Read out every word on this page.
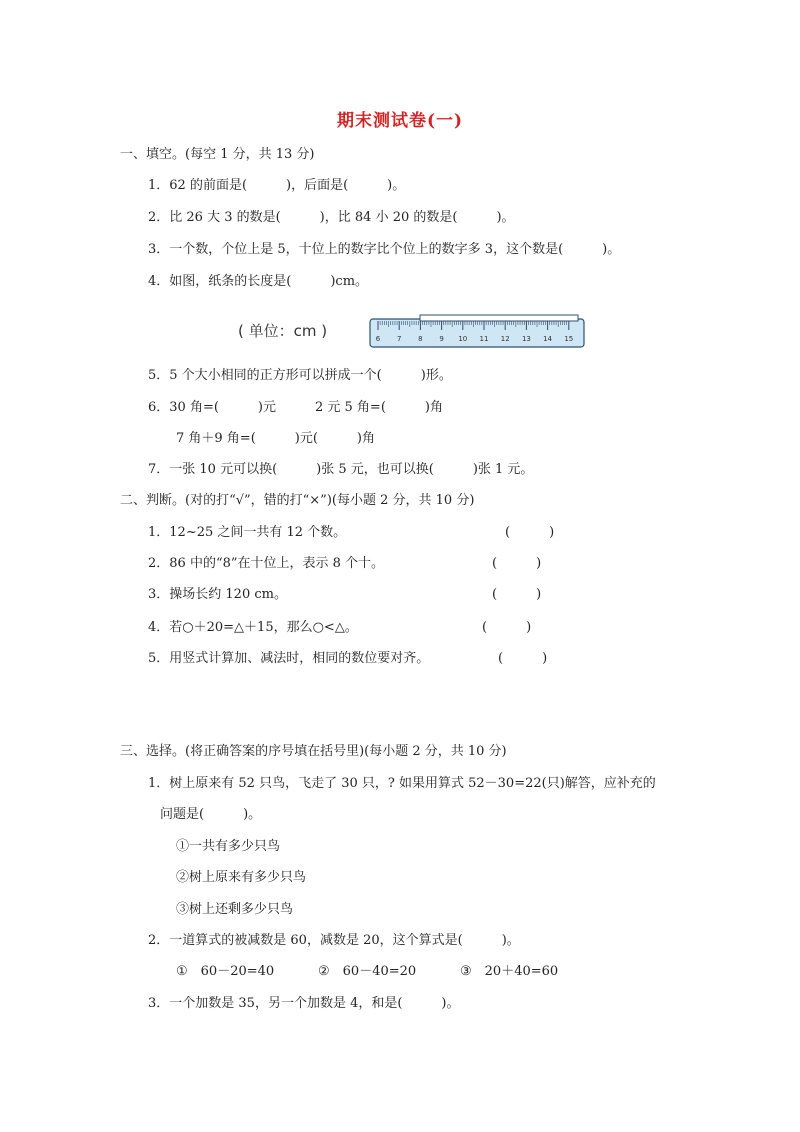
期末测试卷(一)
一、填空。(每空 1 分，共 13 分)
1．62 的前面是(　　　)，后面是(　　　)。
2．比 26 大 3 的数是(　　　)，比 84 小 20 的数是(　　　)。
3．一个数，个位上是 5，十位上的数字比个位上的数字多 3，这个数是(　　　)。
4．如图，纸条的长度是(　　　)cm。
( 单位：cm )	6 7 8 9 10 11 12 13 14 15
5．5 个大小相同的正方形可以拼成一个(　　　)形。
6．30 角=(　　　)元　　　2 元 5 角=(　　　)角
7 角＋9 角=(　　　)元(　　　)角
7．一张 10 元可以换(　　　)张 5 元，也可以换(　　　)张 1 元。
二、判断。(对的打“√”，错的打“×”)(每小题 2 分，共 10 分)
1．12~25 之间一共有 12 个数。	(　　　)
2．86 中的“8”在十位上，表示 8 个十。	(　　　)
3．操场长约 120 cm。	(　　　)
4．若○＋20=△＋15，那么○<△。	(　　　)
5．用竖式计算加、减法时，相同的数位要对齐。	(　　　)
三、选择。(将正确答案的序号填在括号里)(每小题 2 分，共 10 分)
1．树上原来有 52 只鸟，飞走了 30 只，? 如果用算式 52－30=22(只)解答，应补充的
问题是(　　　)。
①一共有多少只鸟
②树上原来有多少只鸟
③树上还剩多少只鸟
2．一道算式的被减数是 60，减数是 20，这个算式是(　　　)。
①　60－20=40	②　60－40=20	③　20＋40=60
3．一个加数是 35，另一个加数是 4，和是(　　　)。
